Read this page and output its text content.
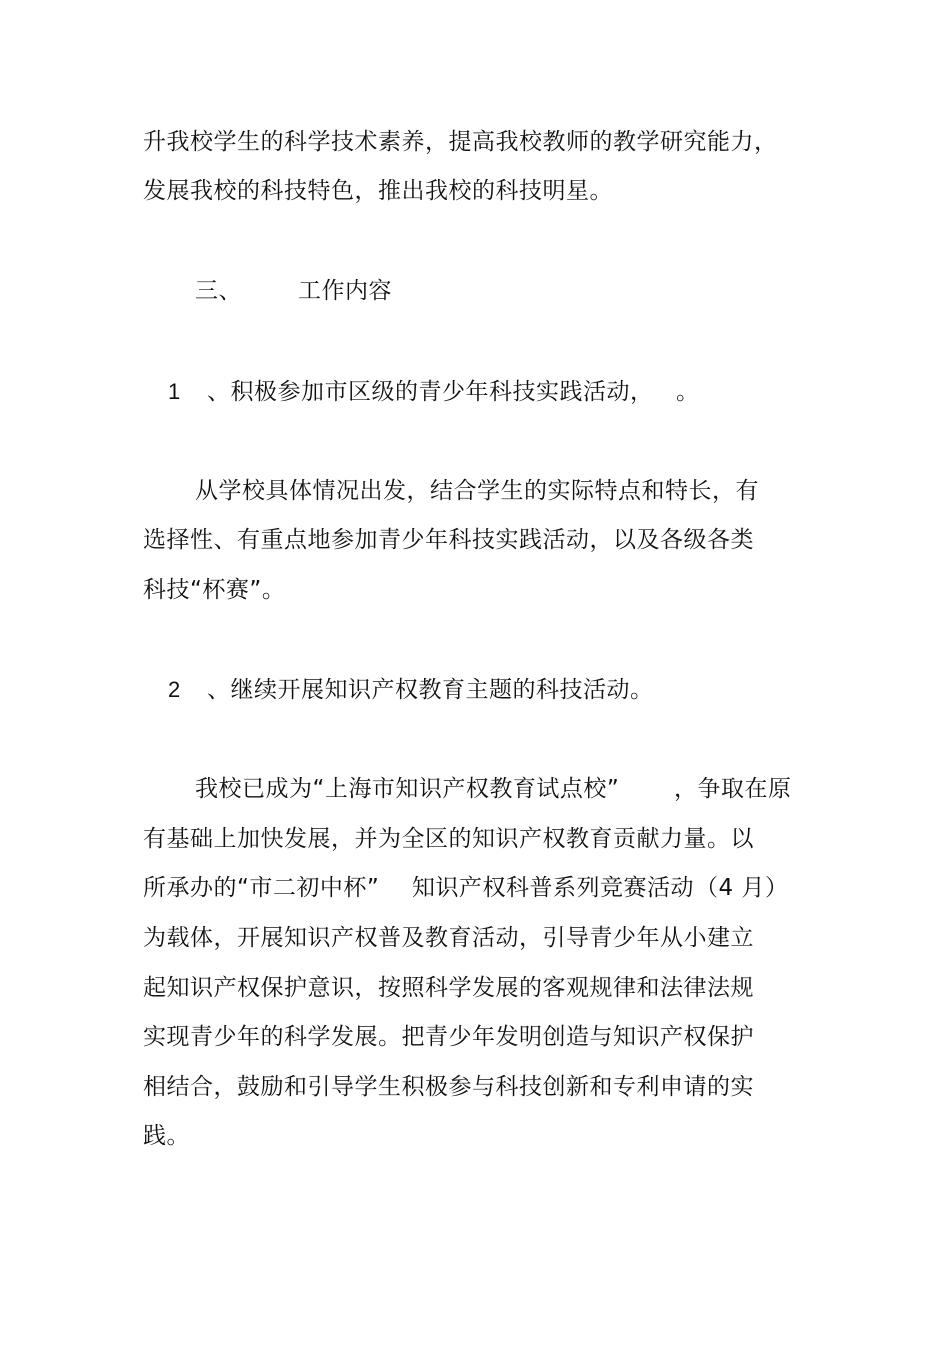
升我校学生的科学技术素养，提高我校教师的教学研究能力，
发展我校的科技特色，推出我校的科技明星。
三、 工作内容
1 、积极参加市区级的青少年科技实践活动， 。
从学校具体情况出发，结合学生的实际特点和特长，有
选择性、有重点地参加青少年科技实践活动，以及各级各类
科技“杯赛”。
2 、继续开展知识产权教育主题的科技活动。
我校已成为“上海市知识产权教育试点校” ，争取在原
有基础上加快发展，并为全区的知识产权教育贡献力量。以
所承办的“市二初中杯” 知识产权科普系列竞赛活动 （4 月）
为载体，开展知识产权普及教育活动，引导青少年从小建立
起知识产权保护意识，按照科学发展的客观规律和法律法规
实现青少年的科学发展。把青少年发明创造与知识产权保护
相结合，鼓励和引导学生积极参与科技创新和专利申请的实
践。
